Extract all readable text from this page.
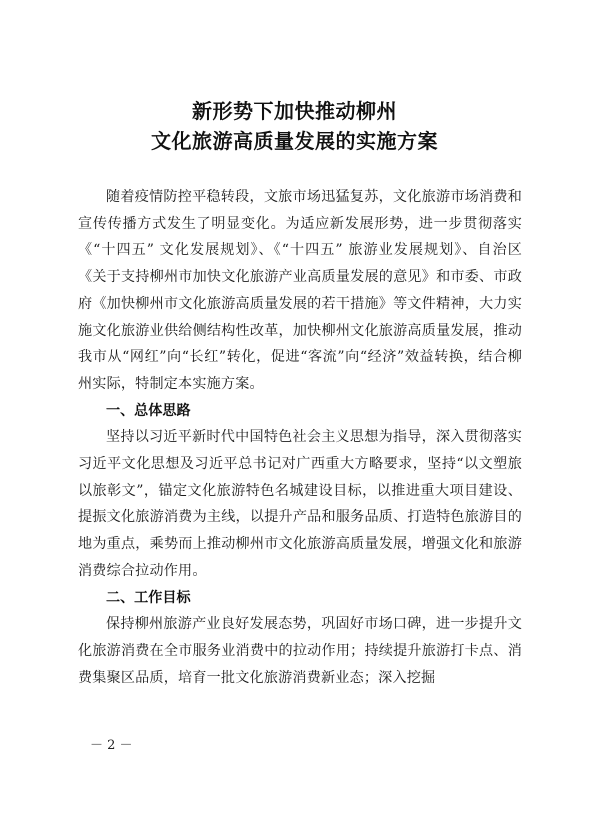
新形势下加快推动柳州
文化旅游高质量发展的实施方案

随着疫情防控平稳转段，文旅市场迅猛复苏，文化旅游市场消费和宣传传播方式发生了明显变化。为适应新发展形势，进一步贯彻落实《“十四五” 文化发展规划》、《“十四五” 旅游业发展规划》、自治区《关于支持柳州市加快文化旅游产业高质量发展的意见》和市委、市政府《加快柳州市文化旅游高质量发展的若干措施》等文件精神，大力实施文化旅游业供给侧结构性改革，加快柳州文化旅游高质量发展，推动我市从“网红”向“长红”转化，促进“客流”向“经济”效益转换，结合柳州实际，特制定本实施方案。

一、总体思路

坚持以习近平新时代中国特色社会主义思想为指导，深入贯彻落实习近平文化思想及习近平总书记对广西重大方略要求，坚持“以文塑旅 以旅彰文”，锚定文化旅游特色名城建设目标，以推进重大项目建设、提振文化旅游消费为主线，以提升产品和服务品质、打造特色旅游目的地为重点，乘势而上推动柳州市文化旅游高质量发展，增强文化和旅游消费综合拉动作用。

二、工作目标

保持柳州旅游产业良好发展态势，巩固好市场口碑，进一步提升文化旅游消费在全市服务业消费中的拉动作用；持续提升旅游打卡点、消费集聚区品质，培育一批文化旅游消费新业态；深入挖掘

－ 2 －
